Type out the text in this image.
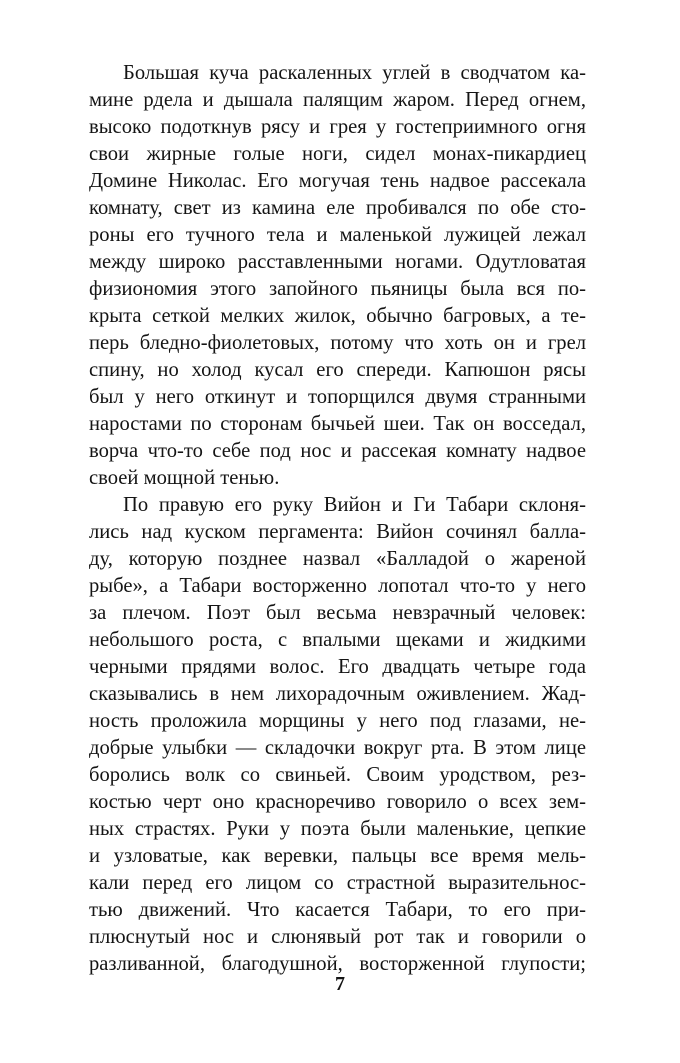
Большая куча раскаленных углей в сводчатом ка-
мине рдела и дышала палящим жаром. Перед огнем,
высоко подоткнув рясу и грея у гостеприимного огня
свои жирные голые ноги, сидел монах-пикардиец
Домине Николас. Его могучая тень надвое рассекала
комнату, свет из камина еле пробивался по обе сто-
роны его тучного тела и маленькой лужицей лежал
между широко расставленными ногами. Одутловатая
физиономия этого запойного пьяницы была вся по-
крыта сеткой мелких жилок, обычно багровых, а те-
перь бледно-фиолетовых, потому что хоть он и грел
спину, но холод кусал его спереди. Капюшон рясы
был у него откинут и топорщился двумя странными
наростами по сторонам бычьей шеи. Так он восседал,
ворча что-то себе под нос и рассекая комнату надвое
своей мощной тенью.
По правую его руку Вийон и Ги Табари склоня-
лись над куском пергамента: Вийон сочинял балла-
ду, которую позднее назвал «Балладой о жареной
рыбе», а Табари восторженно лопотал что-то у него
за плечом. Поэт был весьма невзрачный человек:
небольшого роста, с впалыми щеками и жидкими
черными прядями волос. Его двадцать четыре года
сказывались в нем лихорадочным оживлением. Жад-
ность проложила морщины у него под глазами, не-
добрые улыбки — складочки вокруг рта. В этом лице
боролись волк со свиньей. Своим уродством, рез-
костью черт оно красноречиво говорило о всех зем-
ных страстях. Руки у поэта были маленькие, цепкие
и узловатые, как веревки, пальцы все время мель-
кали перед его лицом со страстной выразительнос-
тью движений. Что касается Табари, то его при-
плюснутый нос и слюнявый рот так и говорили о
разливанной, благодушной, восторженной глупости;
7
